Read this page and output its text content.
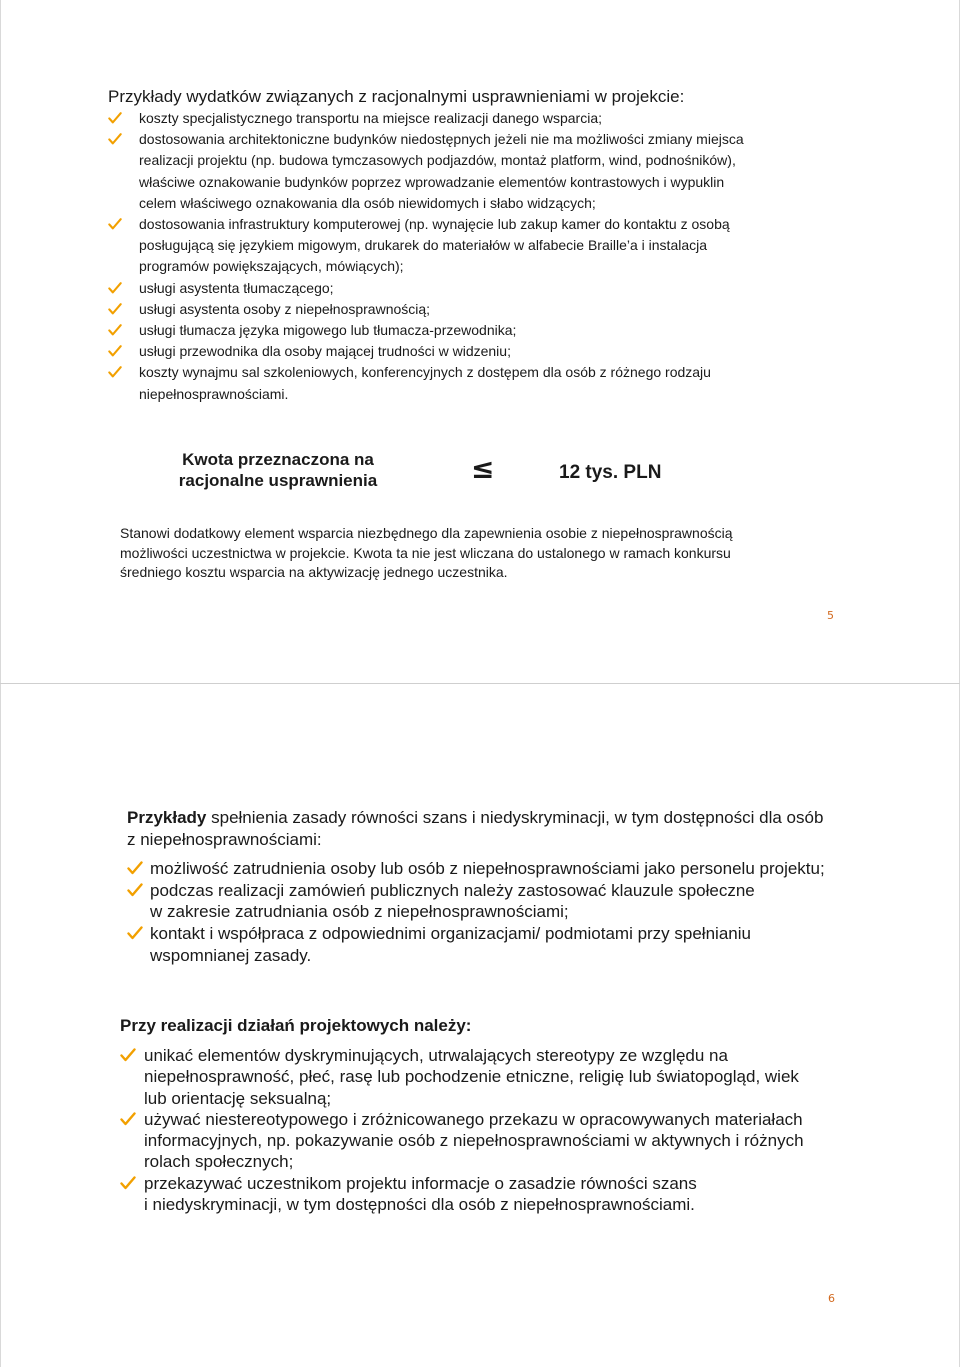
Przykłady wydatków związanych z racjonalnymi usprawnieniami w projekcie:
koszty specjalistycznego transportu na miejsce realizacji danego wsparcia;
dostosowania architektoniczne budynków niedostępnych jeżeli nie ma możliwości zmiany miejsca
realizacji projektu (np. budowa tymczasowych podjazdów, montaż platform, wind, podnośników),
właściwe oznakowanie budynków poprzez wprowadzanie elementów kontrastowych i wypuklin
celem właściwego oznakowania dla osób niewidomych i słabo widzących;
dostosowania infrastruktury komputerowej (np. wynajęcie lub zakup kamer do kontaktu z osobą
posługującą się językiem migowym, drukarek do materiałów w alfabecie Braille’a i instalacja
programów powiększających, mówiących);
usługi asystenta tłumaczącego;
usługi asystenta osoby z niepełnosprawnością;
usługi tłumacza języka migowego lub tłumacza-przewodnika;
usługi przewodnika dla osoby mającej trudności w widzeniu;
koszty wynajmu sal szkoleniowych, konferencyjnych z dostępem dla osób z różnego rodzaju
niepełnosprawnościami.
Kwota przeznaczona na
racjonalne usprawnienia	≤	12 tys. PLN
Stanowi dodatkowy element wsparcia niezbędnego dla zapewnienia osobie z niepełnosprawnością
możliwości uczestnictwa w projekcie. Kwota ta nie jest wliczana do ustalonego w ramach konkursu
średniego kosztu wsparcia na aktywizację jednego uczestnika.
5
Przykłady spełnienia zasady równości szans i niedyskryminacji, w tym dostępności dla osób
z niepełnosprawnościami:
możliwość zatrudnienia osoby lub osób z niepełnosprawnościami jako personelu projektu;
podczas realizacji zamówień publicznych należy zastosować klauzule społeczne
w zakresie zatrudniania osób z niepełnosprawnościami;
kontakt i współpraca z odpowiednimi organizacjami/ podmiotami przy spełnianiu
wspomnianej zasady.
Przy realizacji działań projektowych należy:
unikać elementów dyskryminujących, utrwalających stereotypy ze względu na
niepełnosprawność, płeć, rasę lub pochodzenie etniczne, religię lub światopogląd, wiek
lub orientację seksualną;
używać niestereotypowego i zróżnicowanego przekazu w opracowywanych materiałach
informacyjnych, np. pokazywanie osób z niepełnosprawnościami w aktywnych i różnych
rolach społecznych;
przekazywać uczestnikom projektu informacje o zasadzie równości szans
i niedyskryminacji, w tym dostępności dla osób z niepełnosprawnościami.
6
